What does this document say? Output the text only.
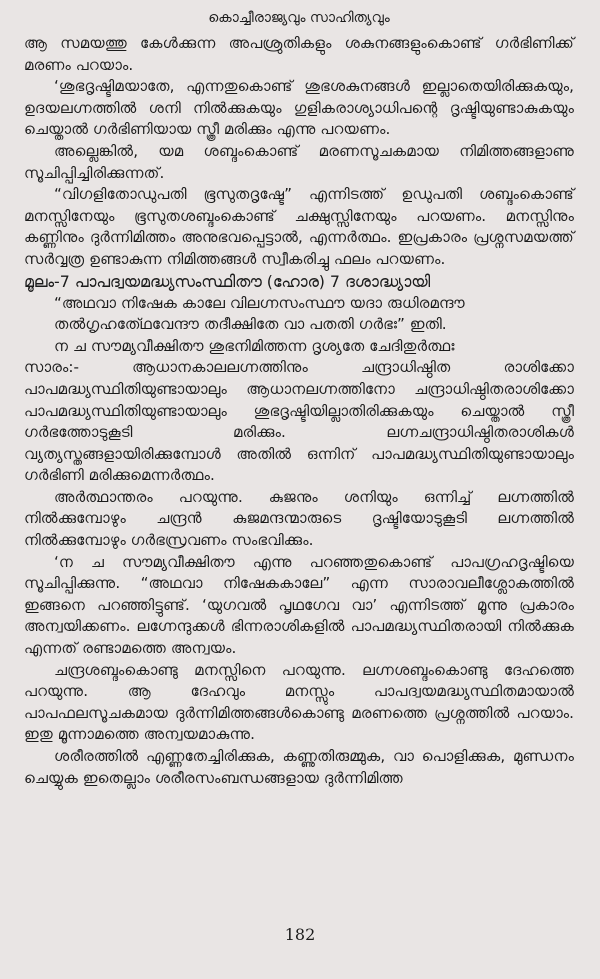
കൊച്ചീരാജ്യവും സാഹിത്യവും

ആ സമയത്തു കേൾക്കുന്ന അപശ്രുതികളും ശകുനങ്ങളുംകൊണ്ട് ഗർഭിണിക്ക് മരണം പറയാം.

‘ശുഭദൃഷ്ടിമയാതേ, എന്നതുകൊണ്ട് ശുഭശകുനങ്ങൾ ഇല്ലാതെയിരിക്കുകയും, ഉദയലഗ്നത്തിൽ ശനി നിൽക്കുകയും ഗുളികരാശ്യാധിപന്റെ ദൃഷ്ടിയുണ്ടാകുകയും ചെയ്താൽ ഗർഭിണിയായ സ്ത്രീ മരിക്കും എന്നു പറയണം.

അല്ലെങ്കിൽ, യമ ശബ്ദംകൊണ്ട് മരണസൂചകമായ നിമിത്തങ്ങളാണു സൂചിപ്പിച്ചിരിക്കുന്നത്.

“വിഗളിതോഡുപതി ഭൂസുതദൃഷ്ടേ” എന്നിടത്ത് ഉഡുപതി ശബ്ദംകൊണ്ട് മനസ്സിനേയും ഭൂസുതശബ്ദംകൊണ്ട് ചക്ഷുസ്സിനേയും പറയണം. മനസ്സിനും കണ്ണിനും ദുർന്നിമിത്തം അനുഭവപ്പെട്ടാൽ, എന്നർത്ഥം. ഇപ്രകാരം പ്രശ്നസമയത്ത് സർവ്വത്ര ഉണ്ടാകുന്ന നിമിത്തങ്ങൾ സ്വീകരിച്ചു ഫലം പറയണം.

മൂലം-7 പാപദ്വയമദ്ധ്യസംസ്ഥിതൗ (ഹോര) 7 ദശാദ്ധ്യായി

“അഥവാ നിഷേക കാലേ വിലഗ്നസംസ്ഥൗ യദാ രുധിരമന്ദൗ

തൽഗൃഹതേ്ഥവേന്ദൗ തദീക്ഷിതേ വാ പതതി ഗർഭഃ” ഇതി.

ന ച സൗമ്യവീക്ഷിതൗ ശുഭനിമിത്തന്ന ദൃശ്യതേ ചേദിതുർത്ഥഃ

സാരം:- ആധാനകാലലഗ്നത്തിനും ചന്ദ്രാധിഷ്ഠിത രാശിക്കോ പാപമദ്ധ്യസ്ഥിതിയുണ്ടായാലും ആധാനലഗ്നത്തിനോ ചന്ദ്രാധിഷ്ഠിതരാശിക്കോ പാപമദ്ധ്യസ്ഥിതിയുണ്ടായാലും ശുഭദൃഷ്ടിയില്ലാതിരിക്കുകയും ചെയ്താൽ സ്ത്രീ ഗർഭത്തോടുകൂടി മരിക്കും. ലഗ്നചന്ദ്രാധിഷ്ഠിതരാശികൾ വ്യത്യസ്തങ്ങളായിരിക്കുമ്പോൾ അതിൽ ഒന്നിന് പാപമദ്ധ്യസ്ഥിതിയുണ്ടായാലും ഗർഭിണി മരിക്കുമെന്നർത്ഥം.

അർത്ഥാന്തരം പറയുന്നു. കുജനും ശനിയും ഒന്നിച്ച് ലഗ്നത്തിൽ നിൽക്കുമ്പോഴും ചന്ദ്രൻ കുജമന്ദന്മാരുടെ ദൃഷ്ടിയോടുകൂടി ലഗ്നത്തിൽ നിൽക്കുമ്പോഴും ഗർഭസ്രവണം സംഭവിക്കും.

‘ന ച സൗമ്യവീക്ഷിതൗ എന്നു പറഞ്ഞതുകൊണ്ട് പാപഗ്രഹദൃഷ്ടിയെ സൂചിപ്പിക്കുന്നു. “അഥവാ നിഷേകകാലേ” എന്ന സാരാവലീശ്ലോകത്തിൽ ഇങ്ങനെ പറഞ്ഞിട്ടുണ്ട്. ‘യുഗവൽ പൃഥഗേവ വാ’ എന്നിടത്ത് മൂന്നു പ്രകാരം അന്വയിക്കണം. ലഗ്നേന്ദുക്കൾ ഭിന്നരാശികളിൽ പാപമദ്ധ്യസ്ഥിതരായി നിൽക്കുക എന്നത് രണ്ടാമത്തെ അന്വയം.

ചന്ദ്രശബ്ദംകൊണ്ടു മനസ്സിനെ പറയുന്നു. ലഗ്നശബ്ദംകൊണ്ടു ദേഹത്തെ പറയുന്നു. ആ ദേഹവും മനസ്സും പാപദ്വയമദ്ധ്യസ്ഥിതമായാൽ പാപഫലസൂചകമായ ദുർന്നിമിത്തങ്ങൾകൊണ്ടു മരണത്തെ പ്രശ്നത്തിൽ പറയാം. ഇതു മൂന്നാമത്തെ അന്വയമാകുന്നു.

ശരീരത്തിൽ എണ്ണതേച്ചിരിക്കുക, കണ്ണുതിരുമ്മുക, വാ പൊളിക്കുക, മുണ്ഡനം ചെയ്യുക ഇതെല്ലാം ശരീരസംബന്ധങ്ങളായ ദുർന്നിമിത്ത

182
